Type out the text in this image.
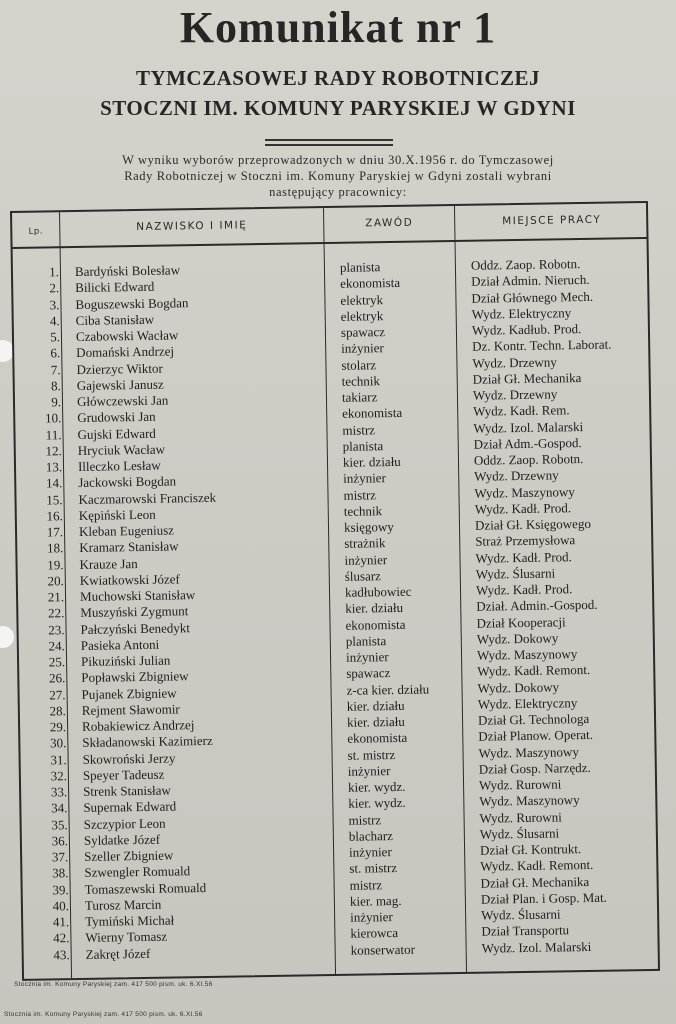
Komunikat nr 1
TYMCZASOWEJ RADY ROBOTNICZEJ
STOCZNI IM. KOMUNY PARYSKIEJ W GDYNI
W wyniku wyborów przeprowadzonych w dniu 30.X.1956 r. do Tymczasowej
Rady Robotniczej w Stoczni im. Komuny Paryskiej w Gdyni zostali wybrani
następujący pracownicy:
Lp.	NAZWISKO I IMIĘ	ZAWÓD	MIEJSCE PRACY
1. Bardyński Bolesław	planista	Oddz. Zaop. Robotn.
2. Bilicki Edward	ekonomista	Dział Admin. Nieruch.
3. Boguszewski Bogdan	elektryk	Dział Głównego Mech.
4. Ciba Stanisław	elektryk	Wydz. Elektryczny
5. Czabowski Wacław	spawacz	Wydz. Kadłub. Prod.
6. Domański Andrzej	inżynier	Dz. Kontr. Techn. Laborat.
7. Dzierzyc Wiktor	stolarz	Wydz. Drzewny
8. Gajewski Janusz	technik	Dział Gł. Mechanika
9. Główczewski Jan	takiarz	Wydz. Drzewny
10. Grudowski Jan	ekonomista	Wydz. Kadł. Rem.
11. Gujski Edward	mistrz	Wydz. Izol. Malarski
12. Hryciuk Wacław	planista	Dział Adm.-Gospod.
13. Illeczko Lesław	kier. działu	Oddz. Zaop. Robotn.
14. Jackowski Bogdan	inżynier	Wydz. Drzewny
15. Kaczmarowski Franciszek	mistrz	Wydz. Maszynowy
16. Kępiński Leon	technik	Wydz. Kadł. Prod.
17. Kleban Eugeniusz	księgowy	Dział Gł. Księgowego
18. Kramarz Stanisław	strażnik	Straż Przemysłowa
19. Krauze Jan	inżynier	Wydz. Kadł. Prod.
20. Kwiatkowski Józef	ślusarz	Wydz. Ślusarni
21. Muchowski Stanisław	kadłubowiec	Wydz. Kadł. Prod.
22. Muszyński Zygmunt	kier. działu	Dział. Admin.-Gospod.
23. Pałczyński Benedykt	ekonomista	Dział Kooperacji
24. Pasieka Antoni	planista	Wydz. Dokowy
25. Pikuziński Julian	inżynier	Wydz. Maszynowy
26. Popławski Zbigniew	spawacz	Wydz. Kadł. Remont.
27. Pujanek Zbigniew	z-ca kier. działu	Wydz. Dokowy
28. Rejment Sławomir	kier. działu	Wydz. Elektryczny
29. Robakiewicz Andrzej	kier. działu	Dział Gł. Technologa
30. Składanowski Kazimierz	ekonomista	Dział Planow. Operat.
31. Skowroński Jerzy	st. mistrz	Wydz. Maszynowy
32. Speyer Tadeusz	inżynier	Dział Gosp. Narzędz.
33. Strenk Stanisław	kier. wydz.	Wydz. Rurowni
34. Supernak Edward	kier. wydz.	Wydz. Maszynowy
35. Szczypior Leon	mistrz	Wydz. Rurowni
36. Syldatke Józef	blacharz	Wydz. Ślusarni
37. Szeller Zbigniew	inżynier	Dział Gł. Kontrukt.
38. Szwengler Romuald	st. mistrz	Wydz. Kadł. Remont.
39. Tomaszewski Romuald	mistrz	Dział Gł. Mechanika
40. Turosz Marcin	kier. mag.	Dział Plan. i Gosp. Mat.
41. Tymiński Michał	inżynier	Wydz. Ślusarni
42. Wierny Tomasz	kierowca	Dział Transportu
43. Zakręt Józef	konserwator	Wydz. Izol. Malarski
Stocznia im. Komuny Paryskiej zam. 417 500 pism. uk. 6.XI.56
Stocznia im. Komuny Paryskiej zam. 417 500 pism. uk. 6.XI.56
